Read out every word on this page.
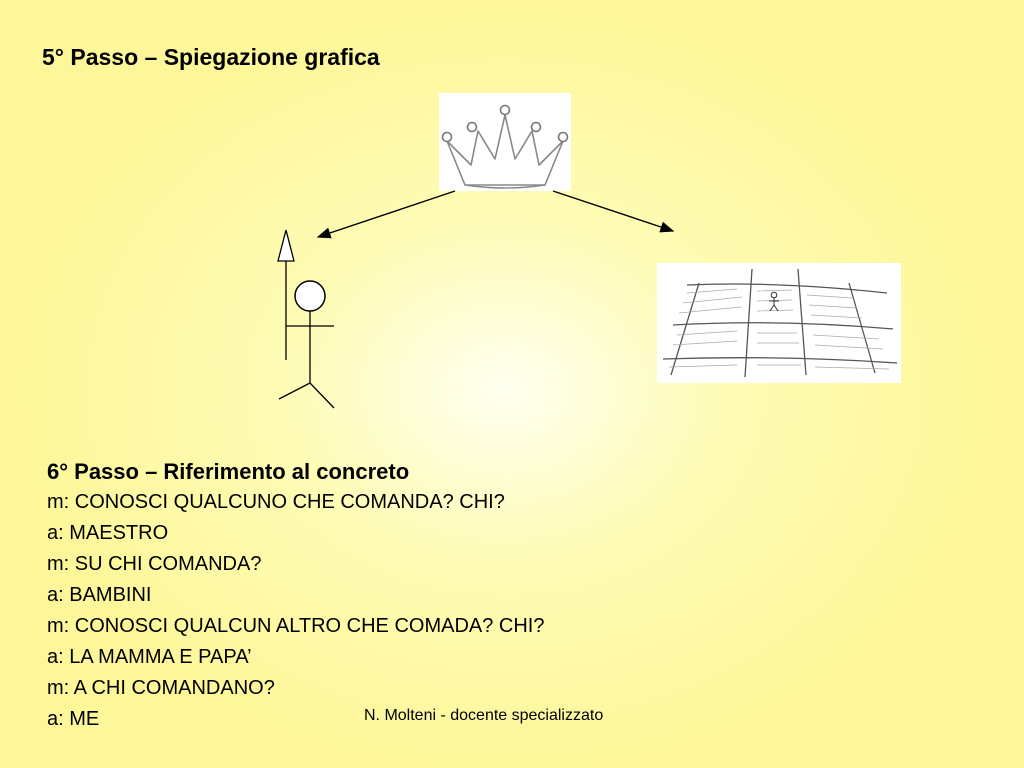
5° Passo – Spiegazione grafica
6° Passo – Riferimento al concreto
m: CONOSCI QUALCUNO CHE COMANDA? CHI?
a: MAESTRO
m: SU CHI COMANDA?
a: BAMBINI
m: CONOSCI QUALCUN ALTRO CHE COMADA? CHI?
a: LA MAMMA E PAPA’
m: A CHI COMANDANO?
a: ME	N. Molteni - docente specializzato
